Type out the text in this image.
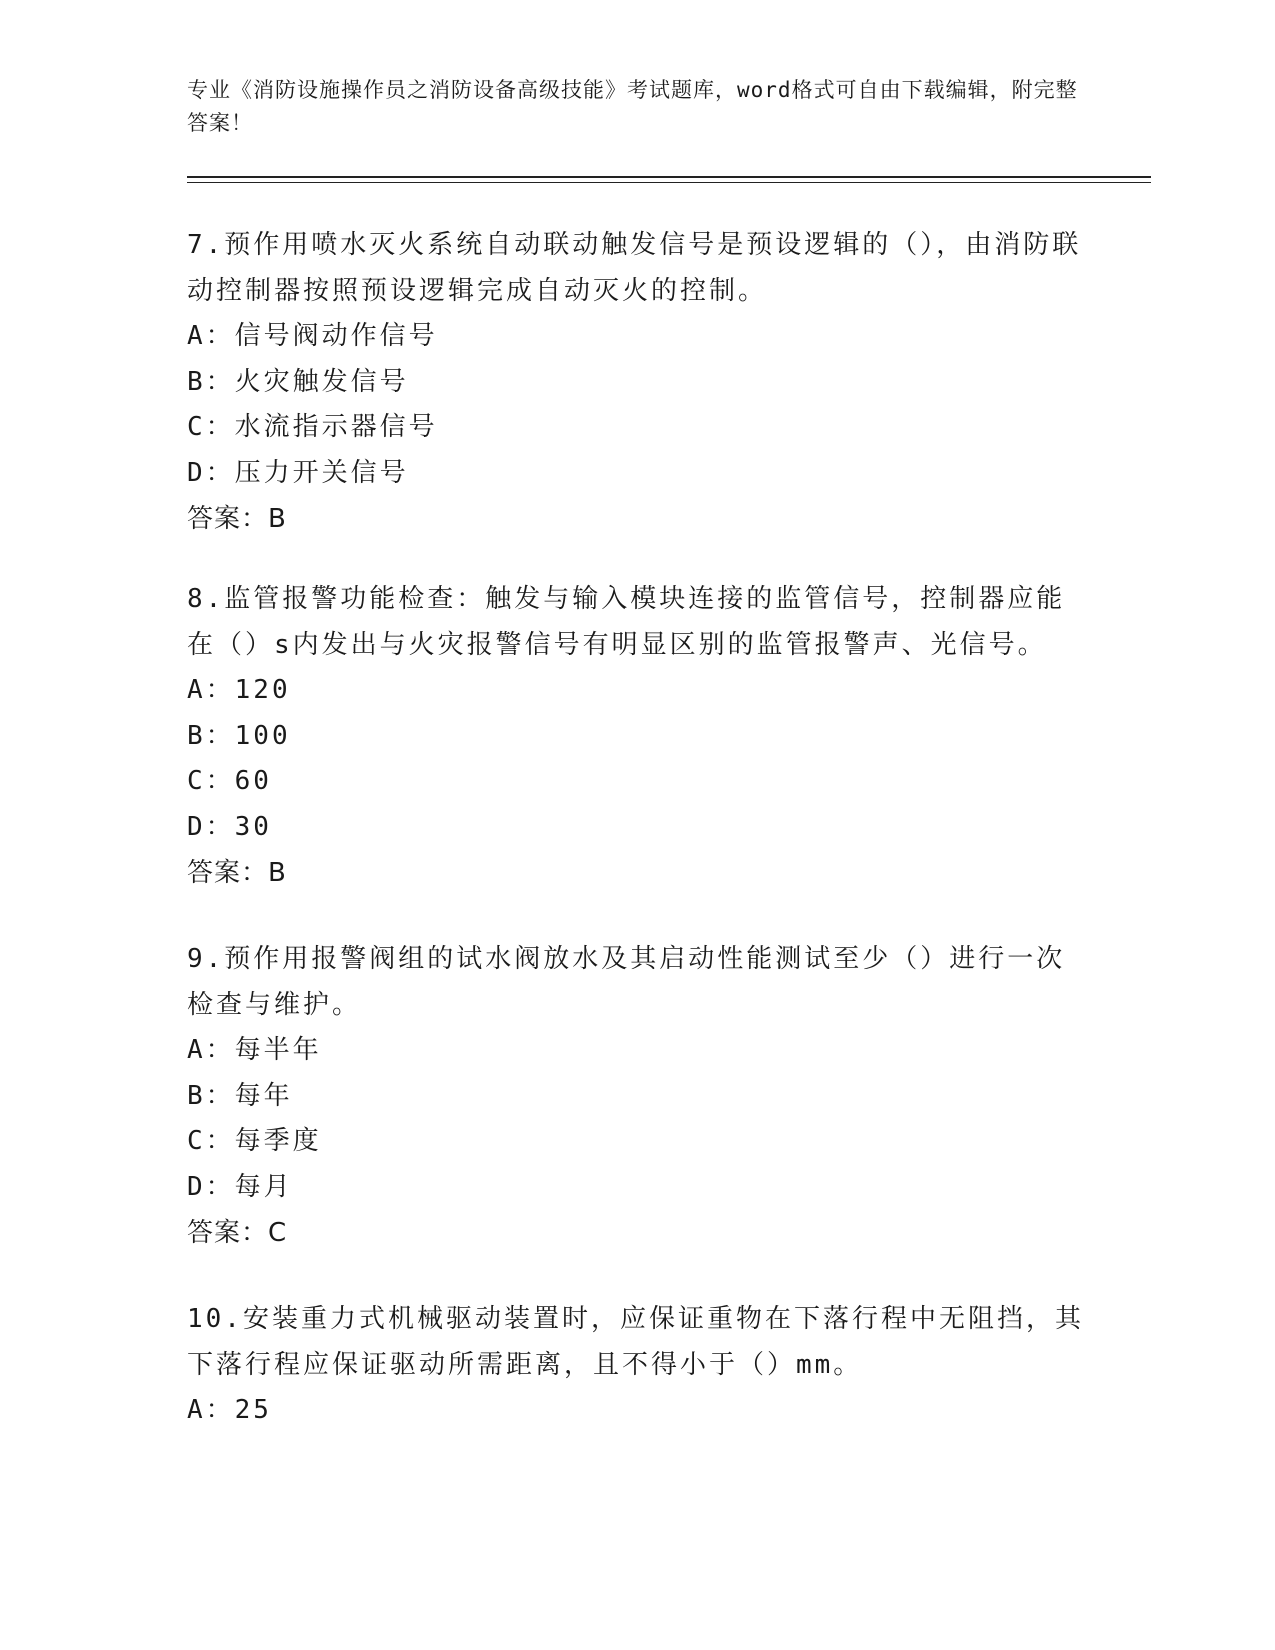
专业《消防设施操作员之消防设备高级技能》考试题库，word格式可自由下载编辑，附完整答案！

7.预作用喷水灭火系统自动联动触发信号是预设逻辑的（），由消防联动控制器按照预设逻辑完成自动灭火的控制。

A：信号阀动作信号

B：火灾触发信号

C：水流指示器信号

D：压力开关信号

答案：B

8.监管报警功能检查：触发与输入模块连接的监管信号，控制器应能在（）s内发出与火灾报警信号有明显区别的监管报警声、光信号。

A：120

B：100

C：60

D：30

答案：B

9.预作用报警阀组的试水阀放水及其启动性能测试至少（）进行一次检查与维护。

A：每半年

B：每年

C：每季度

D：每月

答案：C

10.安装重力式机械驱动装置时，应保证重物在下落行程中无阻挡，其下落行程应保证驱动所需距离，且不得小于（）mm。

A：25
